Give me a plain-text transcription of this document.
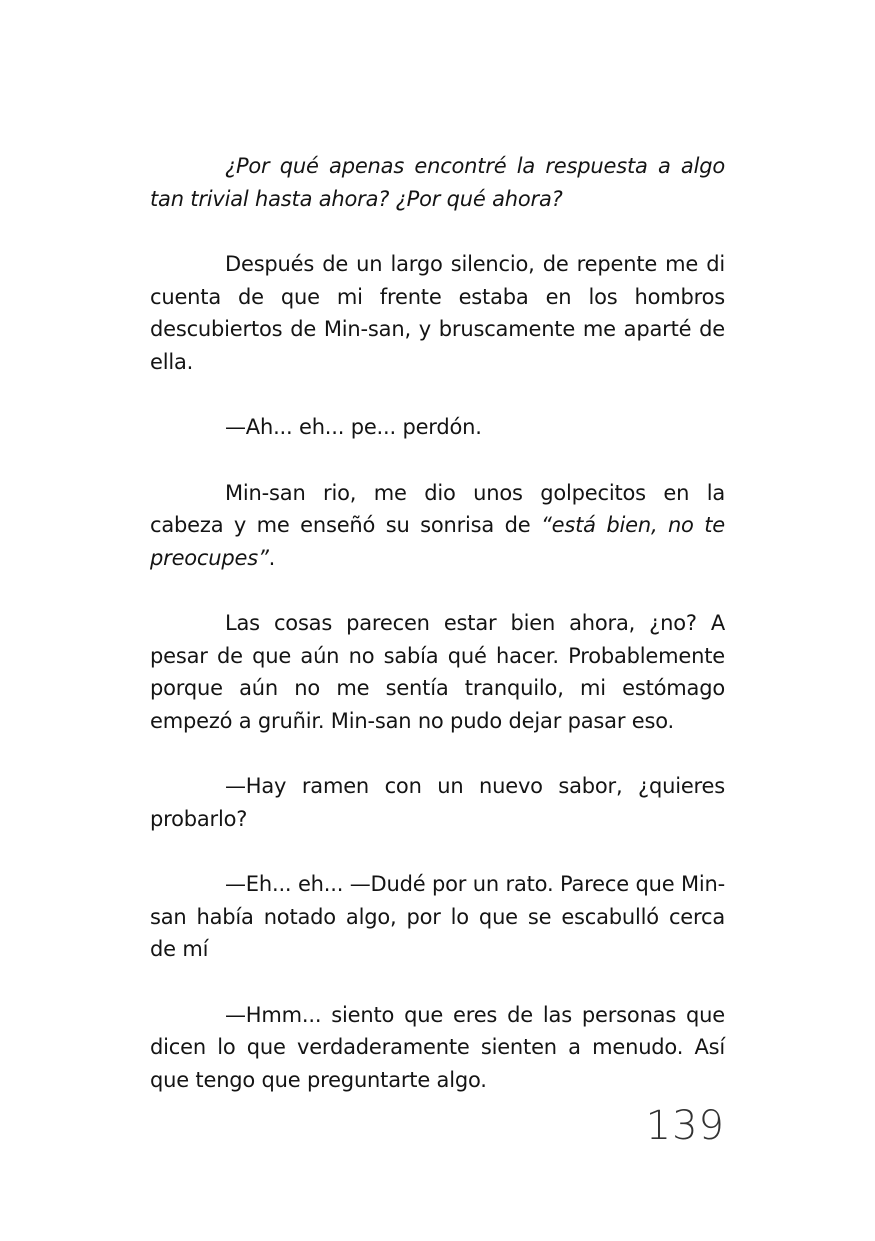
¿Por qué apenas encontré la respuesta a algo tan trivial hasta ahora? ¿Por qué ahora?

Después de un largo silencio, de repente me di cuenta de que mi frente estaba en los hombros descubiertos de Min-san, y bruscamente me aparté de ella.

—Ah... eh... pe... perdón.

Min-san rio, me dio unos golpecitos en la cabeza y me enseñó su sonrisa de “está bien, no te preocupes”.

Las cosas parecen estar bien ahora, ¿no? A pesar de que aún no sabía qué hacer. Probablemente porque aún no me sentía tranquilo, mi estómago empezó a gruñir. Min-san no pudo dejar pasar eso.

—Hay ramen con un nuevo sabor, ¿quieres probarlo?

—Eh... eh... —Dudé por un rato. Parece que Min-san había notado algo, por lo que se escabulló cerca de mí

—Hmm... siento que eres de las personas que dicen lo que verdaderamente sienten a menudo. Así que tengo que preguntarte algo.

139
